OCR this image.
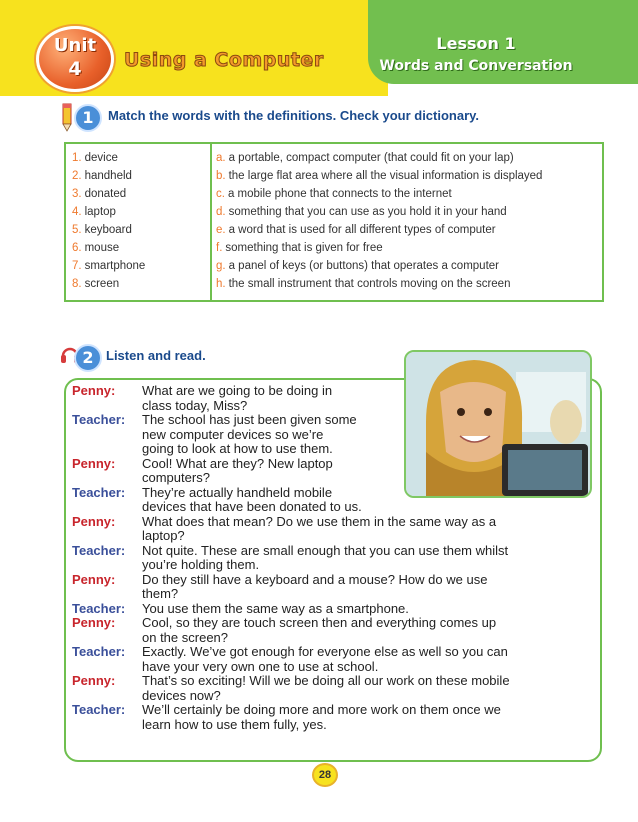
Unit
4	Using a Computer
Lesson 1
Words and Conversation
1	Match the words with the definitions. Check your dictionary.
1. device
2. handheld
3. donated
4. laptop
5. keyboard
6. mouse
7. smartphone
8. screen
a. a portable, compact computer (that could fit on your lap)
b. the large flat area where all the visual information is displayed
c. a mobile phone that connects to the internet
d. something that you can use as you hold it in your hand
e. a word that is used for all different types of computer
f. something that is given for free
g. a panel of keys (or buttons) that operates a computer
h. the small instrument that controls moving on the screen
2 Listen and read.
Penny:	What are we going to be doing in
class today, Miss?
Teacher:	The school has just been given some
new computer devices so we’re
going to look at how to use them.
Penny:	Cool! What are they? New laptop
computers?
Teacher:	They’re actually handheld mobile
devices that have been donated to us.
Penny:	What does that mean? Do we use them in the same way as a
laptop?
Teacher:	Not quite. These are small enough that you can use them whilst
you’re holding them.
Penny:	Do they still have a keyboard and a mouse? How do we use
them?
Teacher:	You use them the same way as a smartphone.
Penny:	Cool, so they are touch screen then and everything comes up
on the screen?
Teacher:	Exactly. We’ve got enough for everyone else as well so you can
have your very own one to use at school.
Penny:	That’s so exciting! Will we be doing all our work on these mobile
devices now?
Teacher:	We’ll certainly be doing more and more work on them once we
learn how to use them fully, yes.
28
